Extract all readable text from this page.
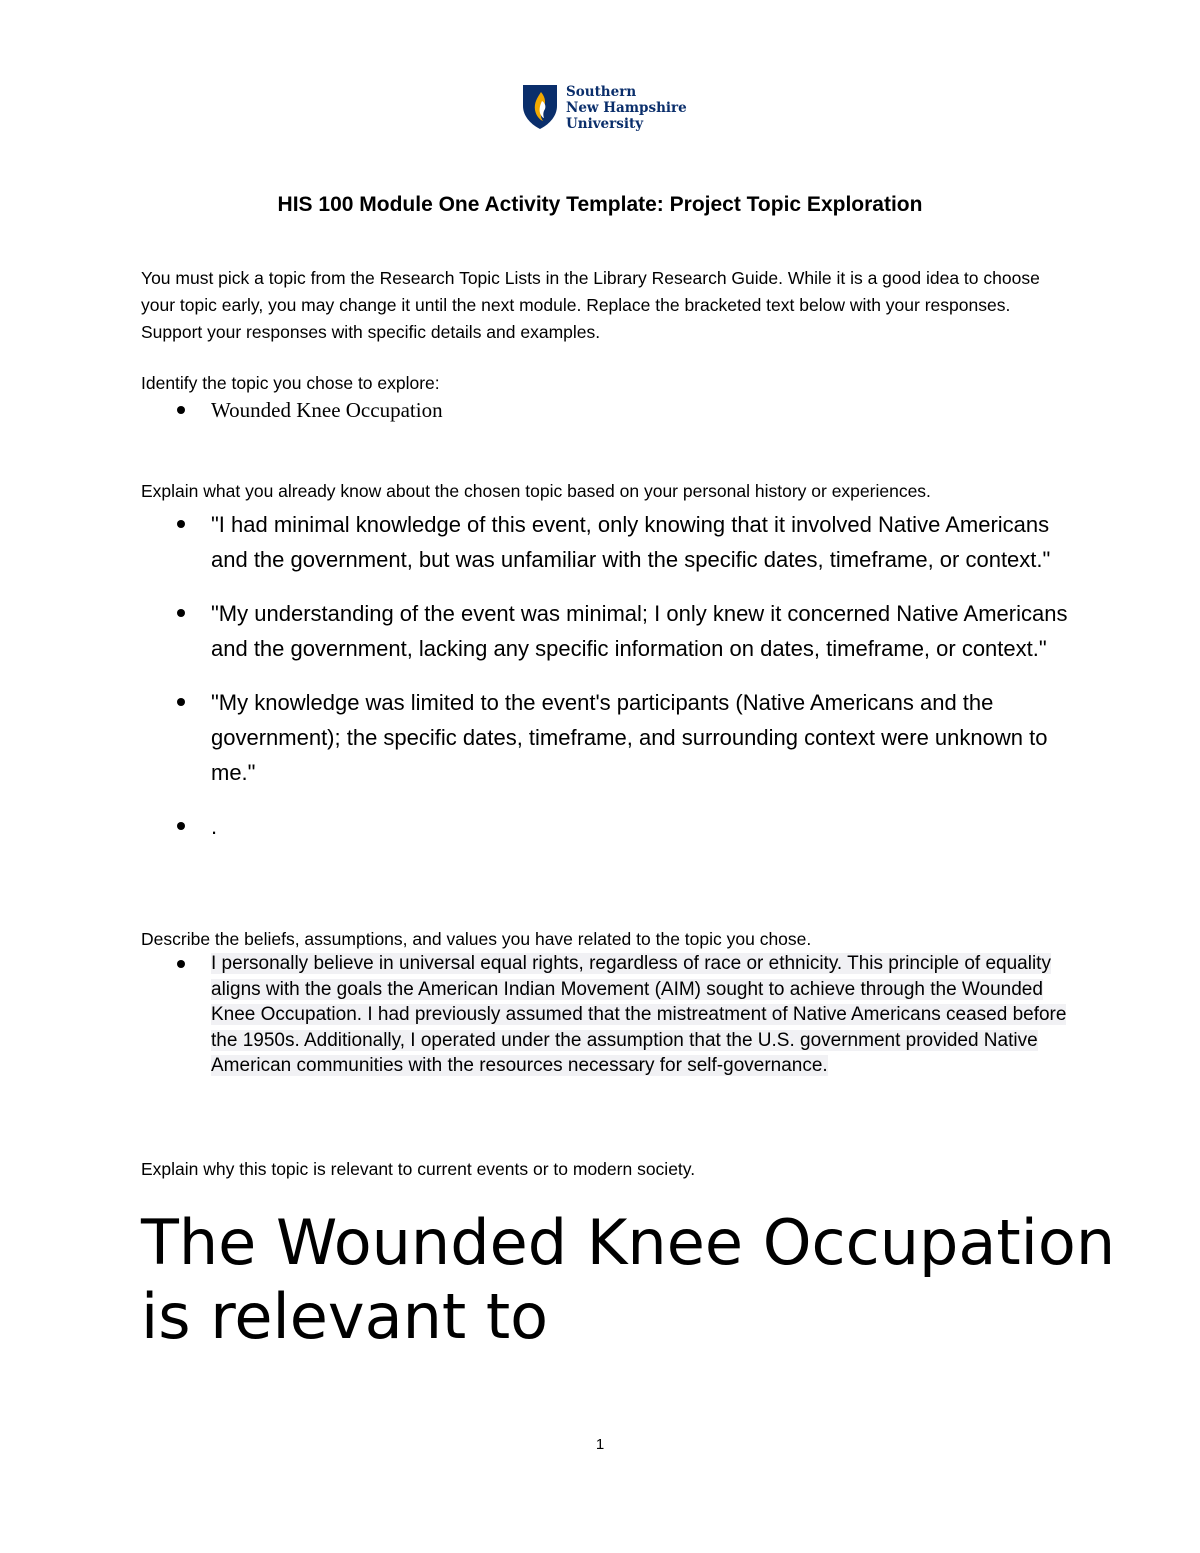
Southern
New Hampshire
University
HIS 100 Module One Activity Template: Project Topic Exploration
You must pick a topic from the Research Topic Lists in the Library Research Guide. While it is a good idea to choose your topic early, you may change it until the next module. Replace the bracketed text below with your responses. Support your responses with specific details and examples.
Identify the topic you chose to explore:
Wounded Knee Occupation
Explain what you already know about the chosen topic based on your personal history or experiences.
"I had minimal knowledge of this event, only knowing that it involved Native Americans and the government, but was unfamiliar with the specific dates, timeframe, or context."
"My understanding of the event was minimal; I only knew it concerned Native Americans and the government, lacking any specific information on dates, timeframe, or context."
"My knowledge was limited to the event's participants (Native Americans and the government); the specific dates, timeframe, and surrounding context were unknown to me."
.
Describe the beliefs, assumptions, and values you have related to the topic you chose.
I personally believe in universal equal rights, regardless of race or ethnicity. This principle of equality aligns with the goals the American Indian Movement (AIM) sought to achieve through the Wounded Knee Occupation. I had previously assumed that the mistreatment of Native Americans ceased before the 1950s. Additionally, I operated under the assumption that the U.S. government provided Native American communities with the resources necessary for self-governance.
Explain why this topic is relevant to current events or to modern society.
The Wounded Knee Occupation is relevant to
1
